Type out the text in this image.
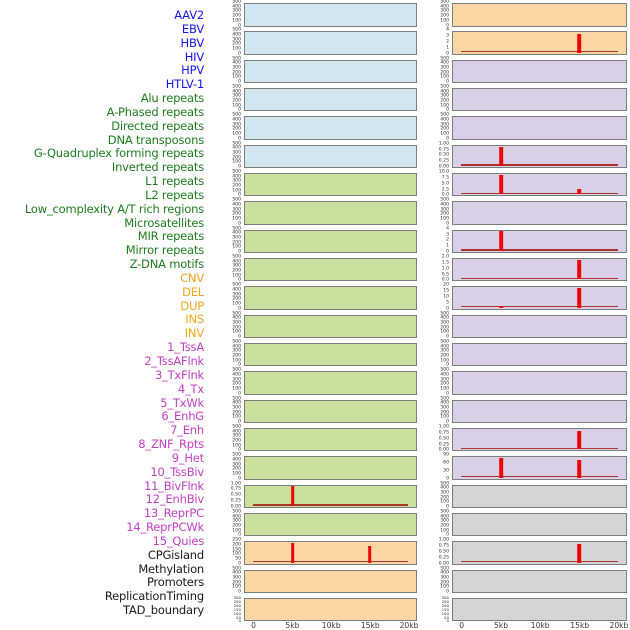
AAV2
EBV
HBV
HIV
HPV
HTLV-1
Alu repeats
A-Phased repeats
Directed repeats
DNA transposons
G-Quadruplex forming repeats
Inverted repeats
L1 repeats
L2 repeats
Low_complexity A/T rich regions
Microsatellites
MIR repeats
Mirror repeats
Z-DNA motifs
CNV
DEL
DUP
INS
INV
1_TssA
2_TssAFlnk
3_TxFlnk
4_Tx
5_TxWk
6_EnhG
7_Enh
8_ZNF_Rpts
9_Het
10_TssBiv
11_BivFlnk
12_EnhBiv
13_ReprPC
14_ReprPCWk
15_Quies
CPGisland
Methylation
Promoters
ReplicationTiming
TAD_boundary
500
400
300
200
100
0
500
400
300
200
100
0
500
400
300
200
100
0
500
400
300
200
100
0
500
400
300
200
100
0
500
400
300
200
100
0
500
400
300
200
100
0
500
400
300
200
100
0
500
400
300
200
100
0
500
400
300
200
100
0
500
400
300
200
100
0
500
400
300
200
100
0
500
400
300
200
100
0
500
400
300
200
100
0
500
400
300
200
100
0
500
400
300
200
100
0
500
400
300
200
100
0
1.00
0.75
0.50
0.25
0.00
500
400
300
200
100
0
250
200
150
100
50
0
500
400
300
200
100
0
300
250
200
150
100
50
0
500
400
300
200
100
0
4
3
2
1
0
500
400
300
200
100
0
500
400
300
200
100
0
500
400
300
200
100
0
1.00
0.75
0.50
0.25
0.00
10.0
7.5
5.0
2.5
0.0
500
400
300
200
100
0
4
3
2
1
0
2.0
1.5
1.0
0.5
0.0
20
15
10
5
0
500
400
300
200
100
0
500
400
300
200
100
0
500
400
300
200
100
0
500
400
300
200
100
0
1.00
0.75
0.50
0.25
0.00
90
60
30
0
500
400
300
200
100
0
500
400
300
200
100
0
1.00
0.75
0.50
0.25
0.00
500
400
300
200
100
0
300
250
200
150
100
50
0
0	5kb	10kb	15kb	20kb	0	5kb	10kb	15kb	20kb
